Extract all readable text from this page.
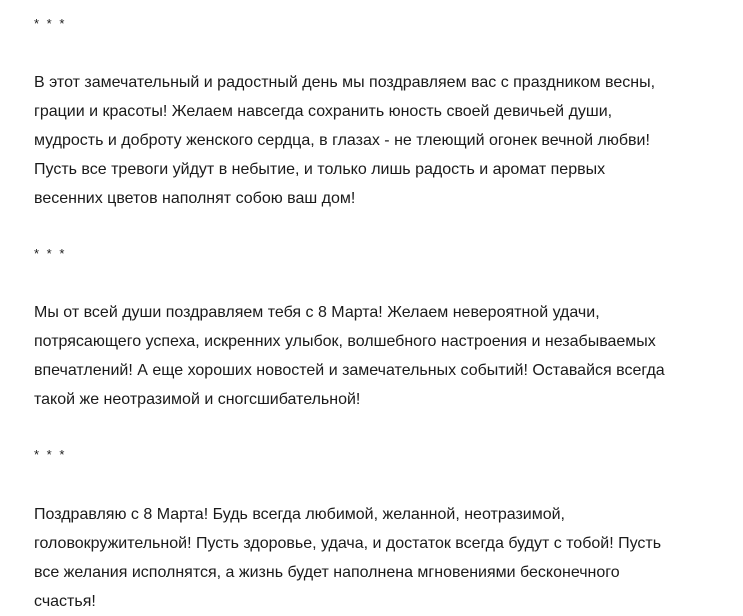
* * *
В этот замечательный и радостный день мы поздравляем вас с праздником весны,
грации и красоты! Желаем навсегда сохранить юность своей девичьей души,
мудрость и доброту женского сердца, в глазах - не тлеющий огонек вечной любви!
Пусть все тревоги уйдут в небытие, и только лишь радость и аромат первых
весенних цветов наполнят собою ваш дом!
* * *
Мы от всей души поздравляем тебя с 8 Марта! Желаем невероятной удачи,
потрясающего успеха, искренних улыбок, волшебного настроения и незабываемых
впечатлений! А еще хороших новостей и замечательных событий! Оставайся всегда
такой же неотразимой и сногсшибательной!
* * *
Поздравляю с 8 Марта! Будь всегда любимой, желанной, неотразимой,
головокружительной! Пусть здоровье, удача, и достаток всегда будут с тобой! Пусть
все желания исполнятся, а жизнь будет наполнена мгновениями бесконечного
счастья!
